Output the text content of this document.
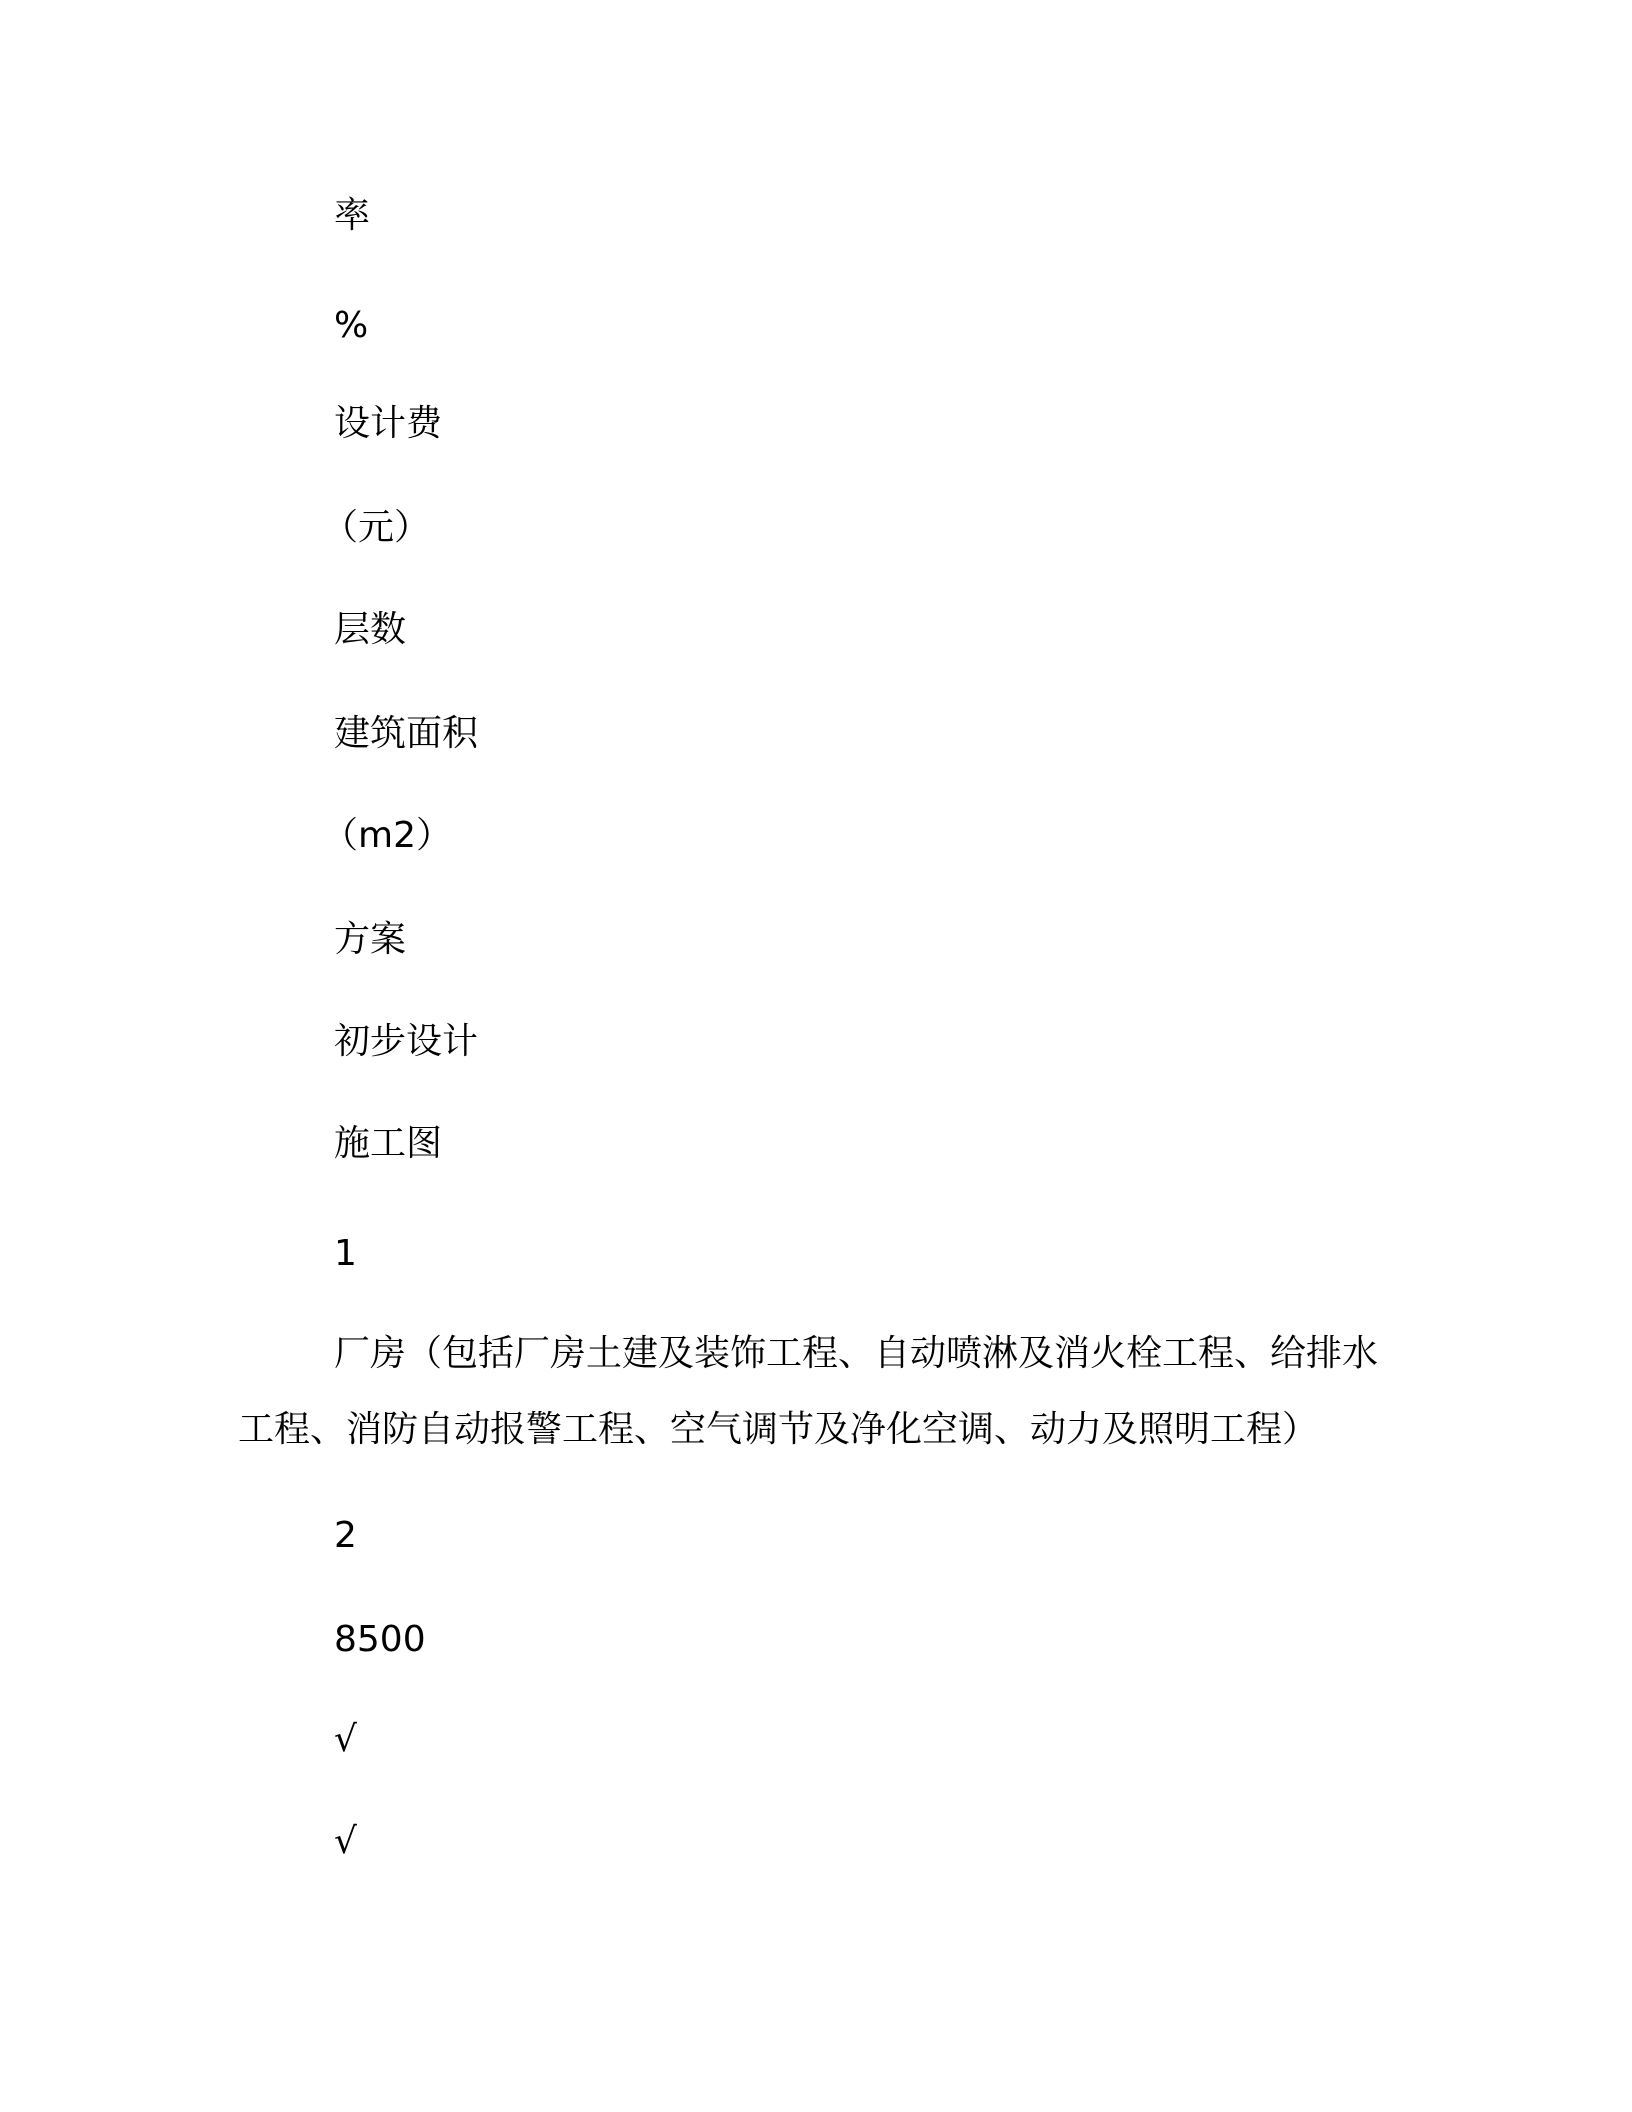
率
%
设计费
（元）
层数
建筑面积
（m2）
方案
初步设计
施工图
1
厂房（包括厂房土建及装饰工程、自动喷淋及消火栓工程、给排水工程、消防自动报警工程、空气调节及净化空调、动力及照明工程）
2
8500
√
√
